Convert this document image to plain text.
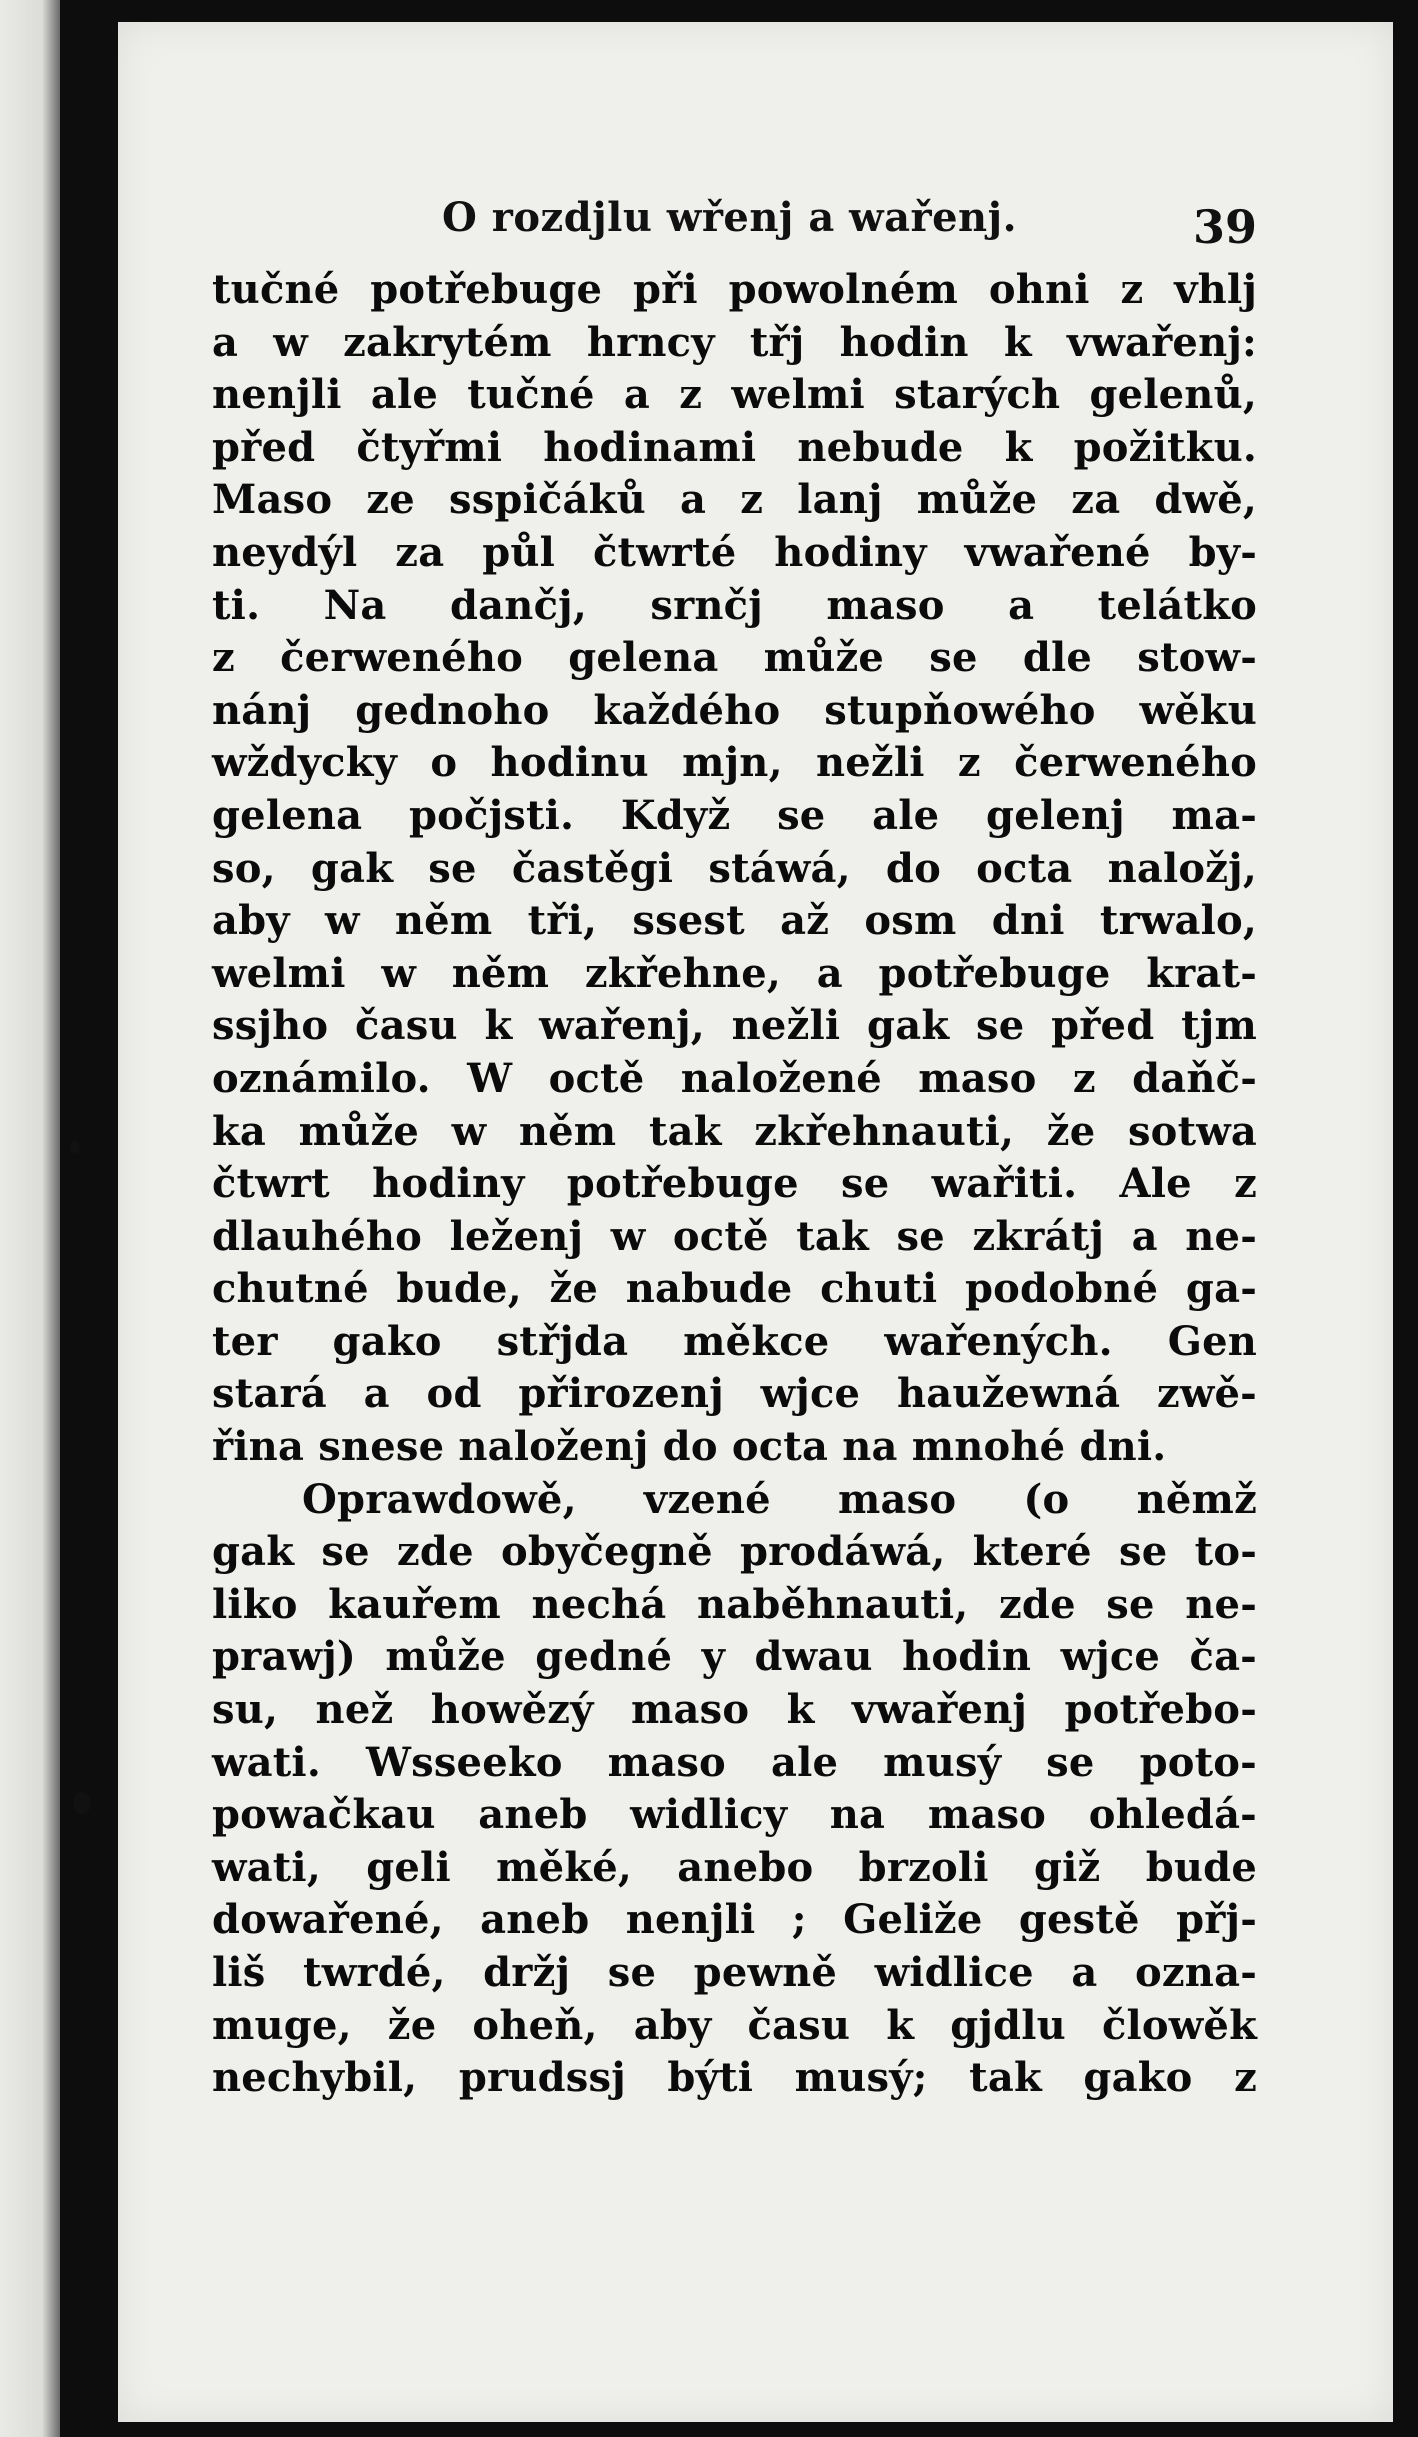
O rozdjlu wřenj a wařenj.	39
tučné potřebuge při powolném ohni z vhlj
a w zakrytém hrncy třj hodin k vwařenj:
nenjli ale tučné a z welmi starých gelenů,
před čtyřmi hodinami nebude k požitku.
Maso ze sspičáků a z lanj může za dwě,
neydýl za půl čtwrté hodiny vwařené by-
ti. Na dančj, srnčj maso a telátko
z čerweného gelena může se dle stow-
nánj gednoho každého stupňowého wěku
wždycky o hodinu mjn, nežli z čerweného
gelena počjsti. Když se ale gelenj ma-
so, gak se častěgi stáwá, do octa naložj,
aby w něm tři, ssest až osm dni trwalo,
welmi w něm zkřehne, a potřebuge krat-
ssjho času k wařenj, nežli gak se před tjm
oznámilo. W octě naložené maso z daňč-
ka může w něm tak zkřehnauti, že sotwa
čtwrt hodiny potřebuge se wařiti. Ale z
dlauhého leženj w octě tak se zkrátj a ne-
chutné bude, že nabude chuti podobné ga-
ter gako střjda měkce wařených. Gen
stará a od přirozenj wjce haužewná zwě-
řina snese naloženj do octa na mnohé dni.
Oprawdowě, vzené maso (o němž
gak se zde obyčegně prodáwá, které se to-
liko kauřem nechá naběhnauti, zde se ne-
prawj) může gedné y dwau hodin wjce ča-
su, než howězý maso k vwařenj potřebo-
wati. Wsseeko maso ale musý se poto-
powačkau aneb widlicy na maso ohledá-
wati, geli měké, anebo brzoli giž bude
dowařené, aneb nenjli ; Geliže gestě přj-
liš twrdé, držj se pewně widlice a ozna-
muge, že oheň, aby času k gjdlu člowěk
nechybil, prudssj býti musý; tak gako z
